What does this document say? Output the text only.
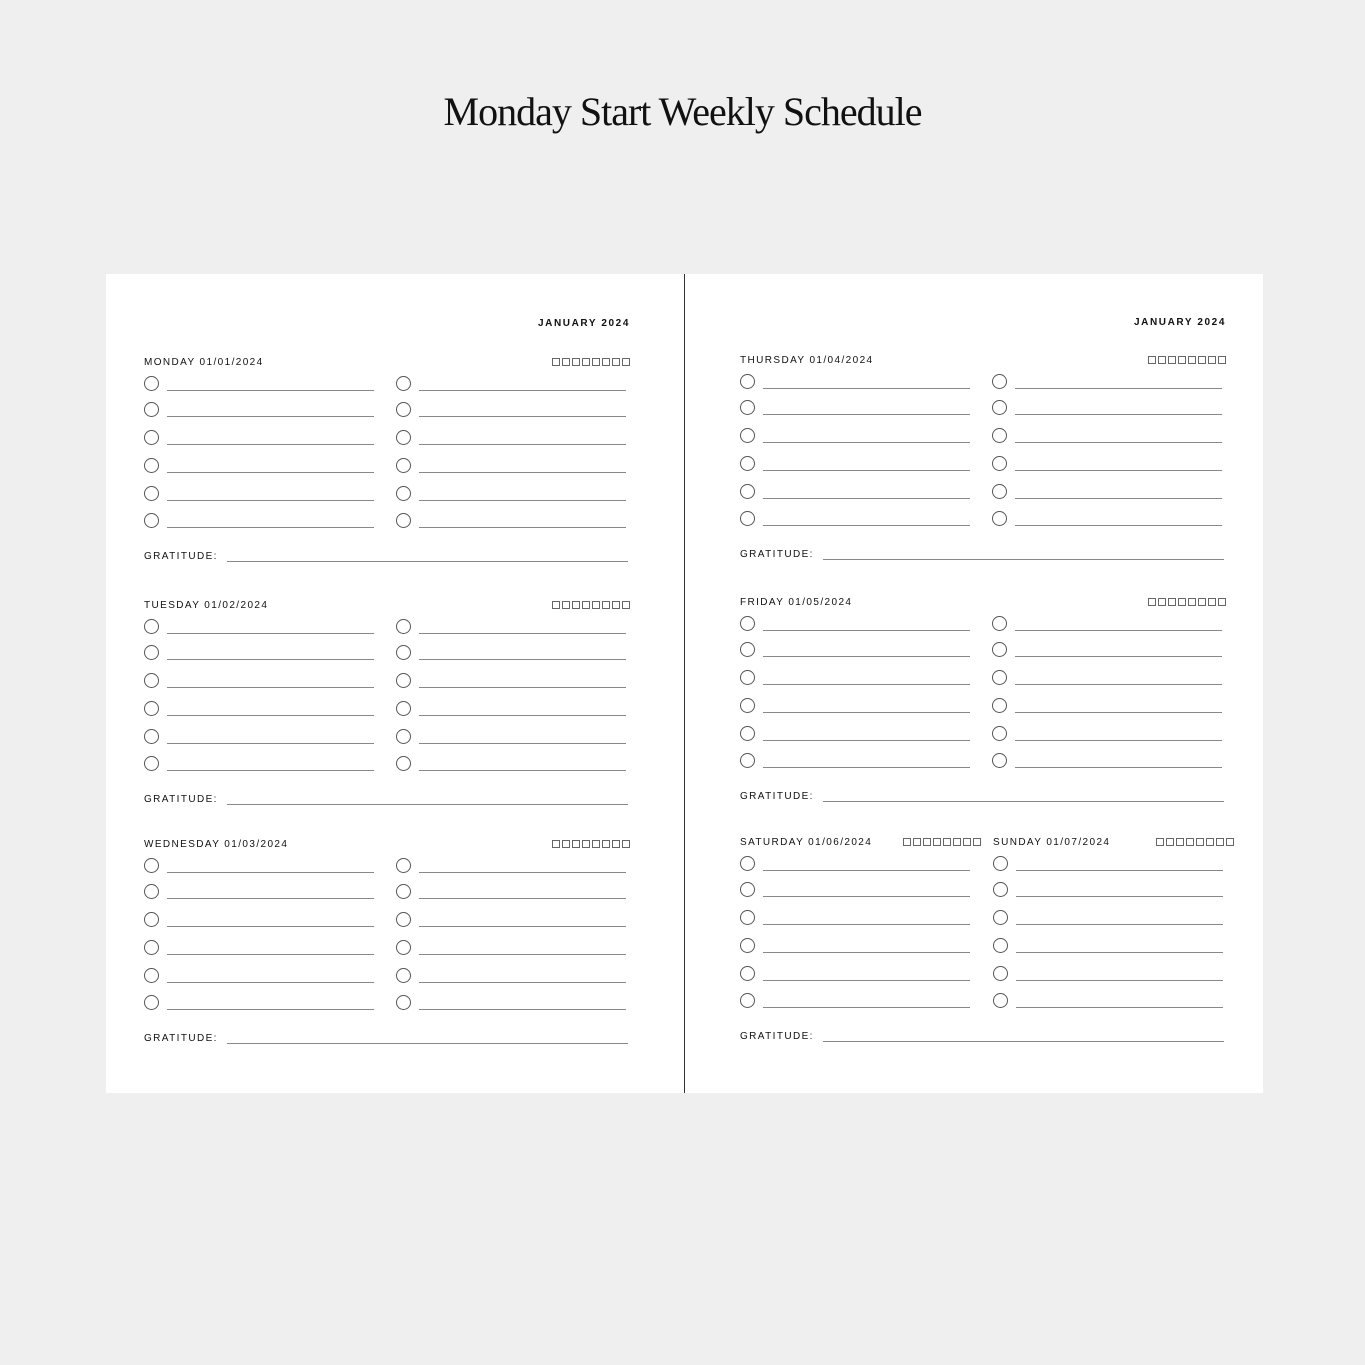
Monday Start Weekly Schedule
JANUARY 2024
MONDAY 01/01/2024
GRATITUDE:
TUESDAY 01/02/2024
GRATITUDE:
WEDNESDAY 01/03/2024
GRATITUDE:
JANUARY 2024
THURSDAY 01/04/2024
GRATITUDE:
FRIDAY 01/05/2024
GRATITUDE:
SATURDAY 01/06/2024	SUNDAY 01/07/2024
GRATITUDE:
